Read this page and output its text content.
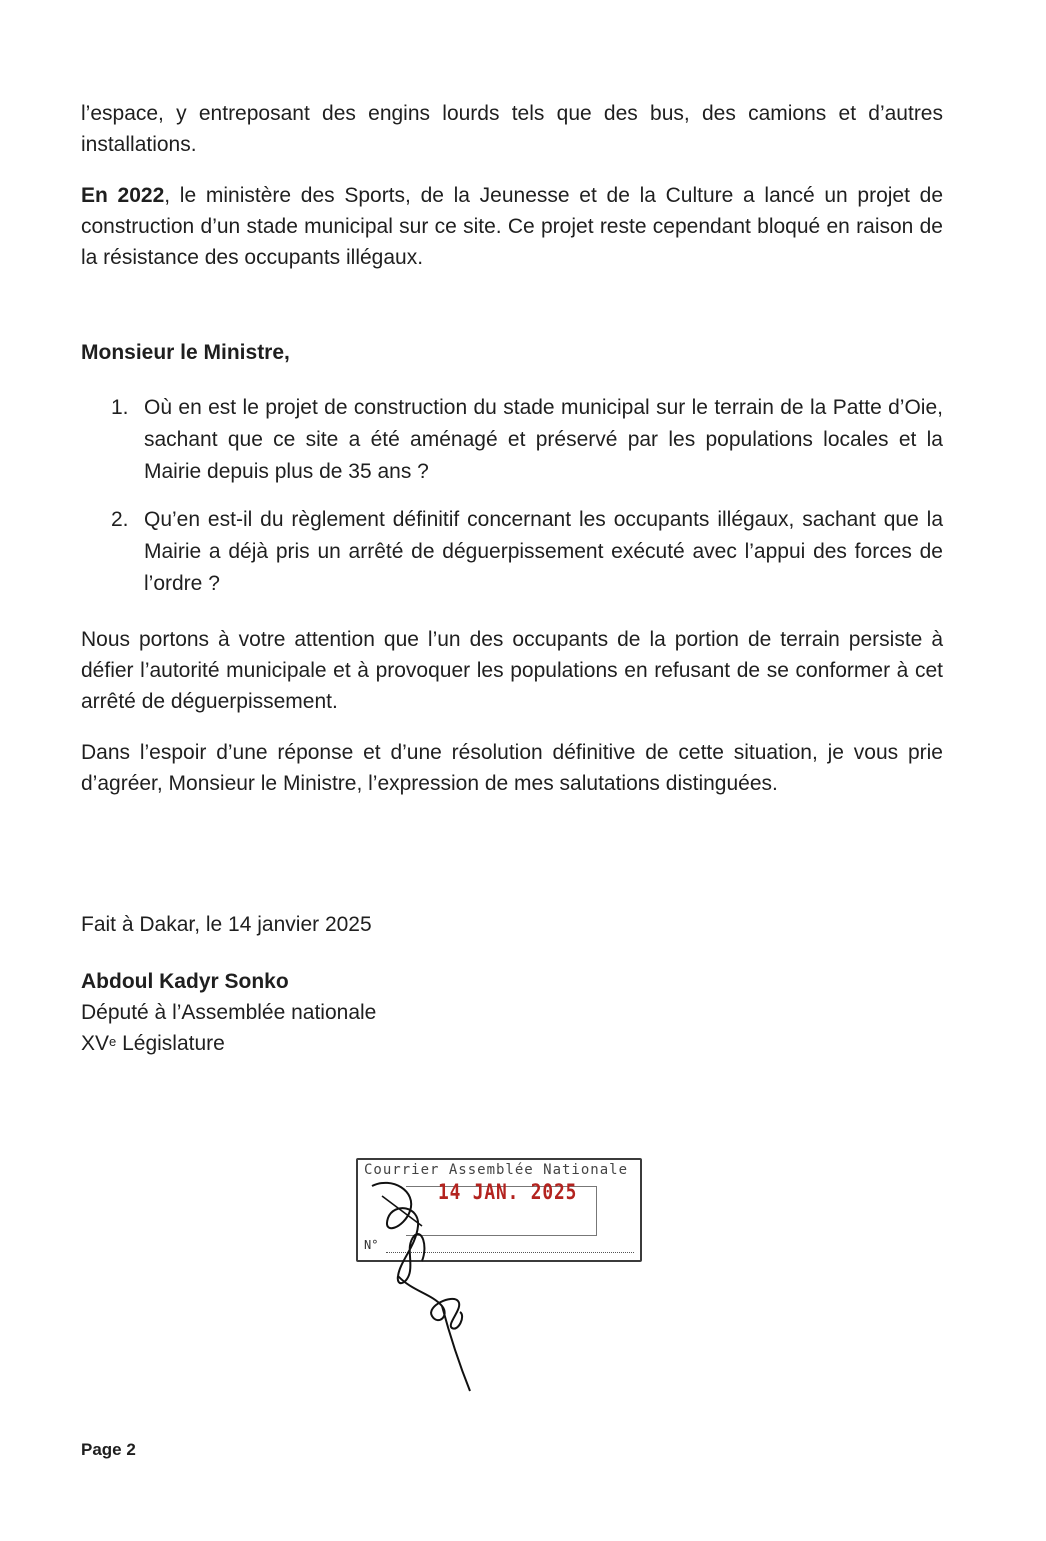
l’espace, y entreposant des engins lourds tels que des bus, des camions et d’autres installations.

En 2022, le ministère des Sports, de la Jeunesse et de la Culture a lancé un projet de construction d’un stade municipal sur ce site. Ce projet reste cependant bloqué en raison de la résistance des occupants illégaux.

Monsieur le Ministre,
1. Où en est le projet de construction du stade municipal sur le terrain de la Patte d’Oie, sachant que ce site a été aménagé et préservé par les populations locales et la Mairie depuis plus de 35 ans ?
2. Qu’en est-il du règlement définitif concernant les occupants illégaux, sachant que la Mairie a déjà pris un arrêté de déguerpissement exécuté avec l’appui des forces de l’ordre ?

Nous portons à votre attention que l’un des occupants de la portion de terrain persiste à défier l’autorité municipale et à provoquer les populations en refusant de se conformer à cet arrêté de déguerpissement.

Dans l’espoir d’une réponse et d’une résolution définitive de cette situation, je vous prie d’agréer, Monsieur le Ministre, l’expression de mes salutations distinguées.

Fait à Dakar, le 14 janvier 2025
Abdoul Kadyr Sonko
Député à l’Assemblée nationale
XVe Législature
Courrier Assemblée Nationale
14 JAN. 2025
N°
Page 2
